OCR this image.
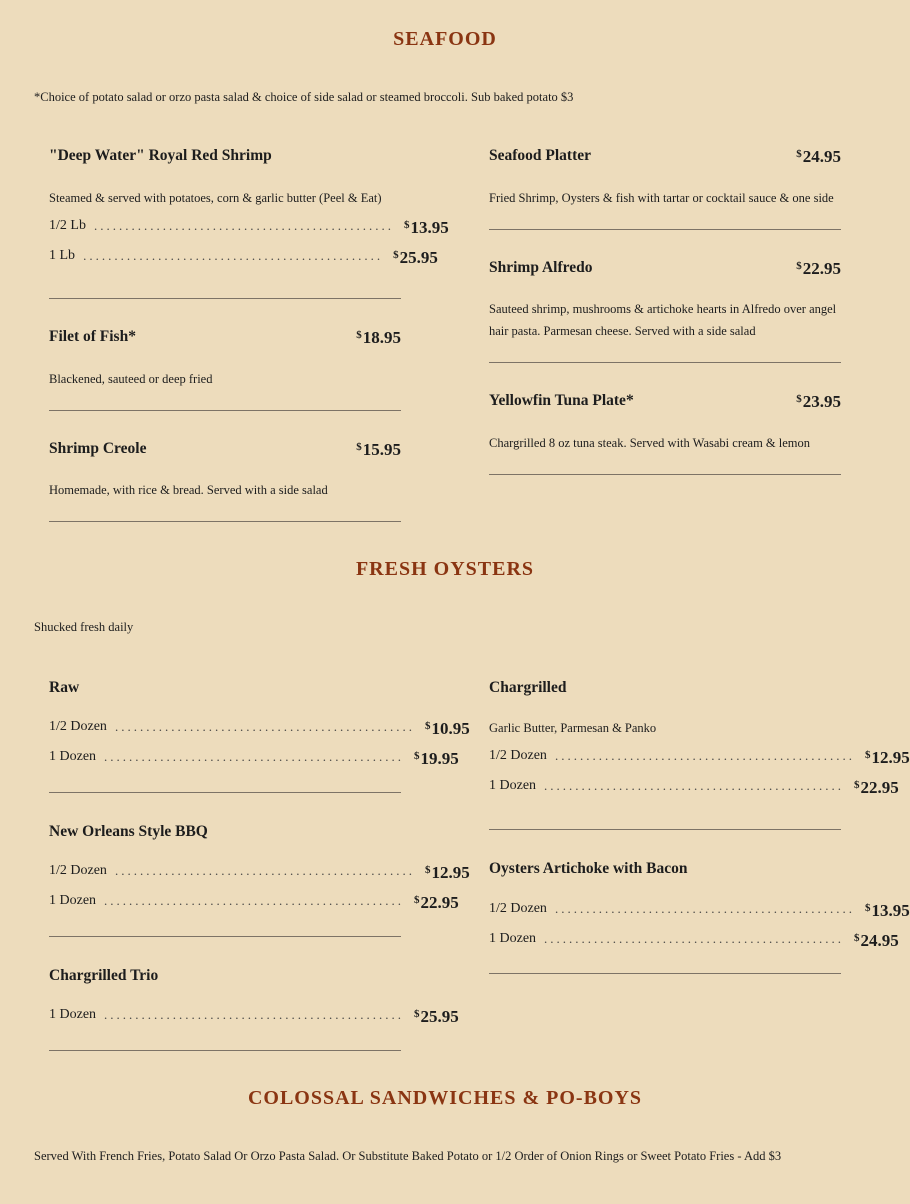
SEAFOOD
*Choice of potato salad or orzo pasta salad & choice of side salad or steamed broccoli. Sub baked potato $3
"Deep Water" Royal Red Shrimp
Steamed & served with potatoes, corn & garlic butter (Peel & Eat)
1/2 Lb ................................................ $13.95
1 Lb ................................................ $25.95
Filet of Fish*	$18.95
Blackened, sauteed or deep fried
Shrimp Creole	$15.95
Homemade, with rice & bread. Served with a side salad
Seafood Platter	$24.95
Fried Shrimp, Oysters & fish with tartar or cocktail sauce & one side
Shrimp Alfredo	$22.95
Sauteed shrimp, mushrooms & artichoke hearts in Alfredo over angel hair pasta. Parmesan cheese. Served with a side salad
Yellowfin Tuna Plate*	$23.95
Chargrilled 8 oz tuna steak. Served with Wasabi cream & lemon
FRESH OYSTERS
Shucked fresh daily
Raw
1/2 Dozen ................................................ $10.95
1 Dozen ................................................ $19.95
New Orleans Style BBQ
1/2 Dozen ................................................ $12.95
1 Dozen ................................................ $22.95
Chargrilled Trio
1 Dozen ................................................ $25.95
Chargrilled
Garlic Butter, Parmesan & Panko
1/2 Dozen ................................................ $12.95
1 Dozen ................................................ $22.95
Oysters Artichoke with Bacon
1/2 Dozen ................................................ $13.95
1 Dozen ................................................ $24.95
COLOSSAL SANDWICHES & PO-BOYS
Served With French Fries, Potato Salad Or Orzo Pasta Salad. Or Substitute Baked Potato or 1/2 Order of Onion Rings or Sweet Potato Fries - Add $3
